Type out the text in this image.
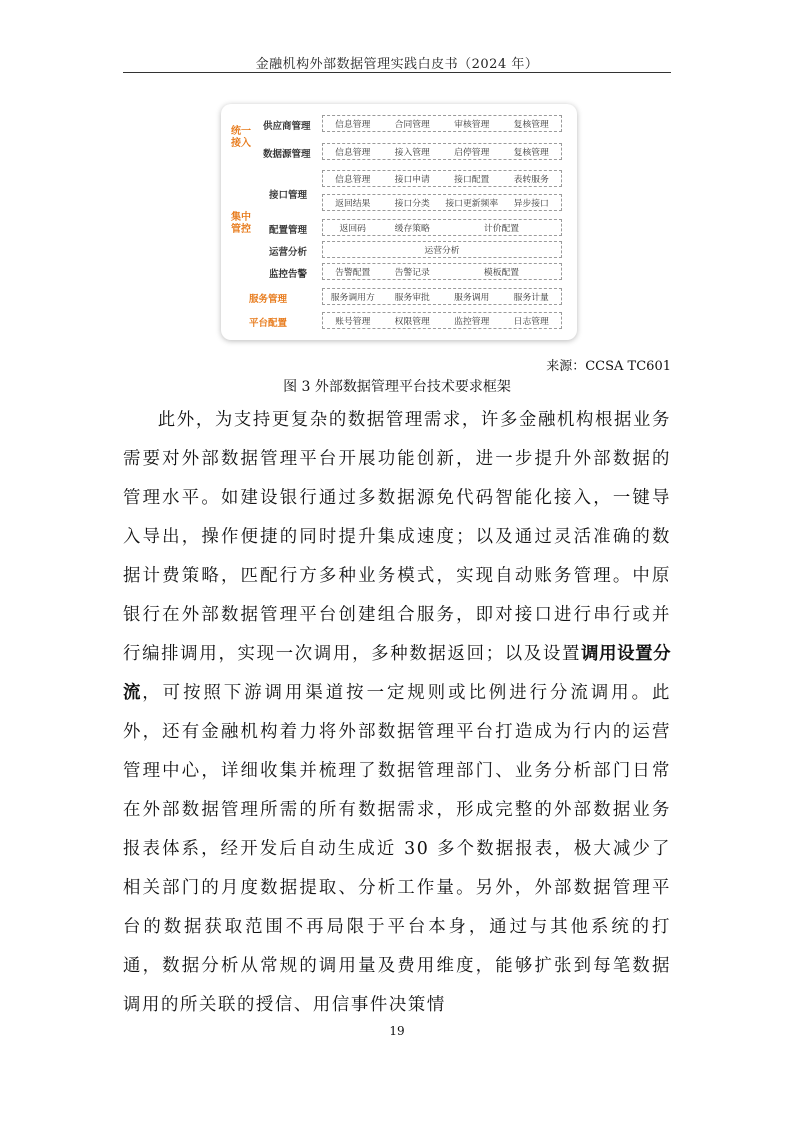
金融机构外部数据管理实践白皮书（2024 年）
统一
接入
集中
管控
供应商管理	信息管理	合同管理	审核管理	复核管理
数据源管理	信息管理	接入管理	启停管理	复核管理
接口管理
信息管理	接口申请	接口配置	表转服务
返回结果	接口分类	接口更新频率	异步接口
配置管理	返回码	缓存策略	计价配置
运营分析	运营分析
监控告警	告警配置	告警记录	模板配置
服务管理	服务调用方	服务审批	服务调用	服务计量
平台配置	账号管理	权限管理	监控管理	日志管理
来源：CCSA TC601
图 3 外部数据管理平台技术要求框架
此外，为支持更复杂的数据管理需求，许多金融机构根据业务需要对外部数据管理平台开展功能创新，进一步提升外部数据的管理水平。如建设银行通过多数据源免代码智能化接入，一键导入导出，操作便捷的同时提升集成速度；以及通过灵活准确的数据计费策略，匹配行方多种业务模式，实现自动账务管理。中原银行在外部数据管理平台创建组合服务，即对接口进行串行或并行编排调用，实现一次调用，多种数据返回；以及设置调用设置分流，可按照下游调用渠道按一定规则或比例进行分流调用。此外，还有金融机构着力将外部数据管理平台打造成为行内的运营管理中心，详细收集并梳理了数据管理部门、业务分析部门日常在外部数据管理所需的所有数据需求，形成完整的外部数据业务报表体系，经开发后自动生成近 30 多个数据报表，极大减少了相关部门的月度数据提取、分析工作量。另外，外部数据管理平台的数据获取范围不再局限于平台本身，通过与其他系统的打通，数据分析从常规的调用量及费用维度，能够扩张到每笔数据调用的所关联的授信、用信事件决策情
19
